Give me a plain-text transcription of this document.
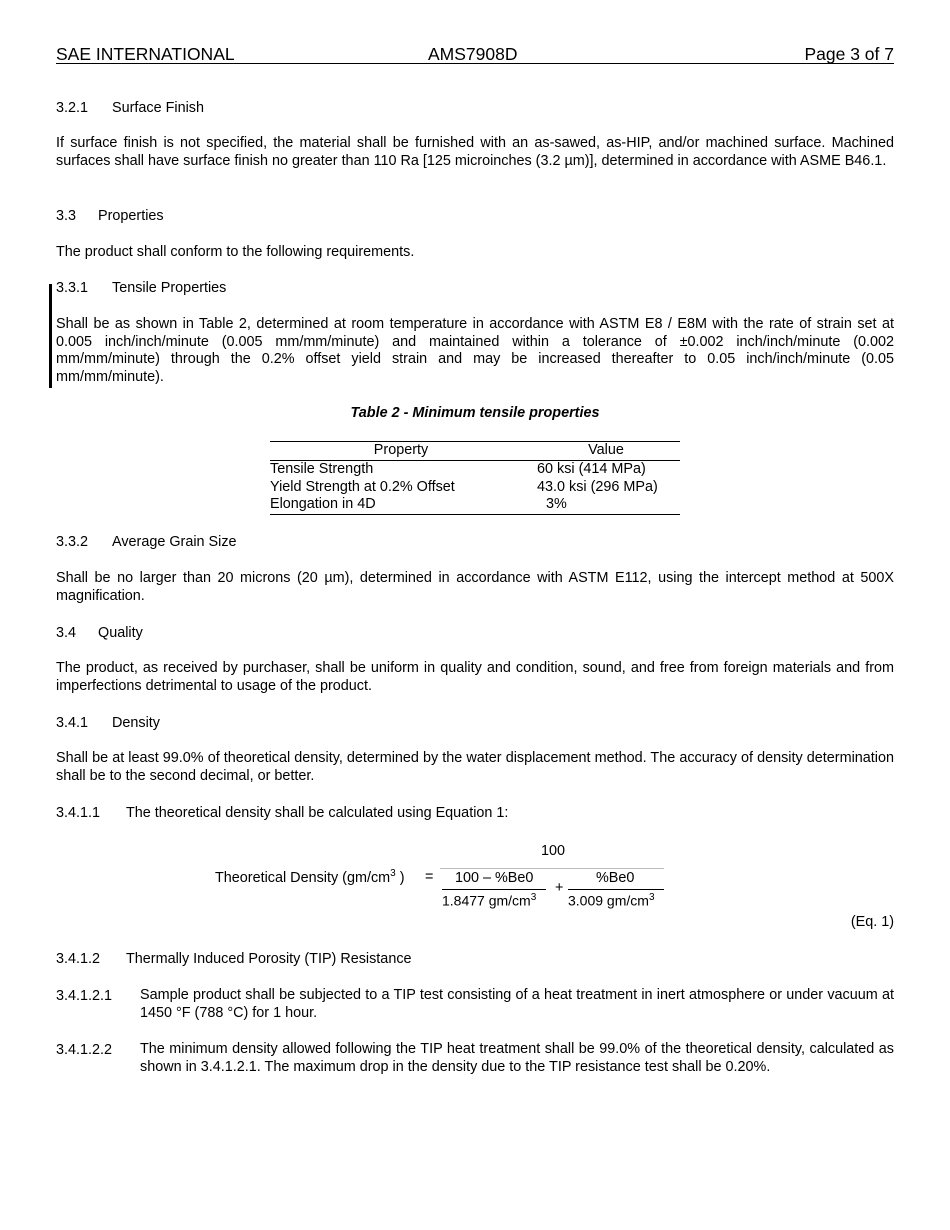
SAE INTERNATIONAL	AMS7908D	Page 3 of 7
3.2.1 Surface Finish
If surface finish is not specified, the material shall be furnished with an as-sawed, as-HIP, and/or machined surface. Machined surfaces shall have surface finish no greater than 110 Ra [125 microinches (3.2 µm)], determined in accordance with ASME B46.1.
3.3 Properties
The product shall conform to the following requirements.
3.3.1 Tensile Properties
Shall be as shown in Table 2, determined at room temperature in accordance with ASTM E8 / E8M with the rate of strain set at 0.005 inch/inch/minute (0.005 mm/mm/minute) and maintained within a tolerance of ±0.002 inch/inch/minute (0.002 mm/mm/minute) through the 0.2% offset yield strain and may be increased thereafter to 0.05 inch/inch/minute (0.05 mm/mm/minute).
Table 2 - Minimum tensile properties
Property	Value
Tensile Strength	60 ksi (414 MPa)
Yield Strength at 0.2% Offset	43.0 ksi (296 MPa)
Elongation in 4D	3%
3.3.2 Average Grain Size
Shall be no larger than 20 microns (20 µm), determined in accordance with ASTM E112, using the intercept method at 500X magnification.
3.4 Quality
The product, as received by purchaser, shall be uniform in quality and condition, sound, and free from foreign materials and from imperfections detrimental to usage of the product.
3.4.1 Density
Shall be at least 99.0% of theoretical density, determined by the water displacement method. The accuracy of density determination shall be to the second decimal, or better.
3.4.1.1 The theoretical density shall be calculated using Equation 1:
100
Theoretical Density ($gm/cm^3$ ) = 100 – %Be0
1.8477 $gm/cm^3$
+
%Be0
3.009 $gm/cm^3$
(Eq. 1)
3.4.1.2 Thermally Induced Porosity (TIP) Resistance
3.4.1.2.1 Sample product shall be subjected to a TIP test consisting of a heat treatment in inert atmosphere or under vacuum at 1450 °F (788 °C) for 1 hour.
3.4.1.2.2 The minimum density allowed following the TIP heat treatment shall be 99.0% of the theoretical density, calculated as shown in 3.4.1.2.1. The maximum drop in the density due to the TIP resistance test shall be 0.20%.
